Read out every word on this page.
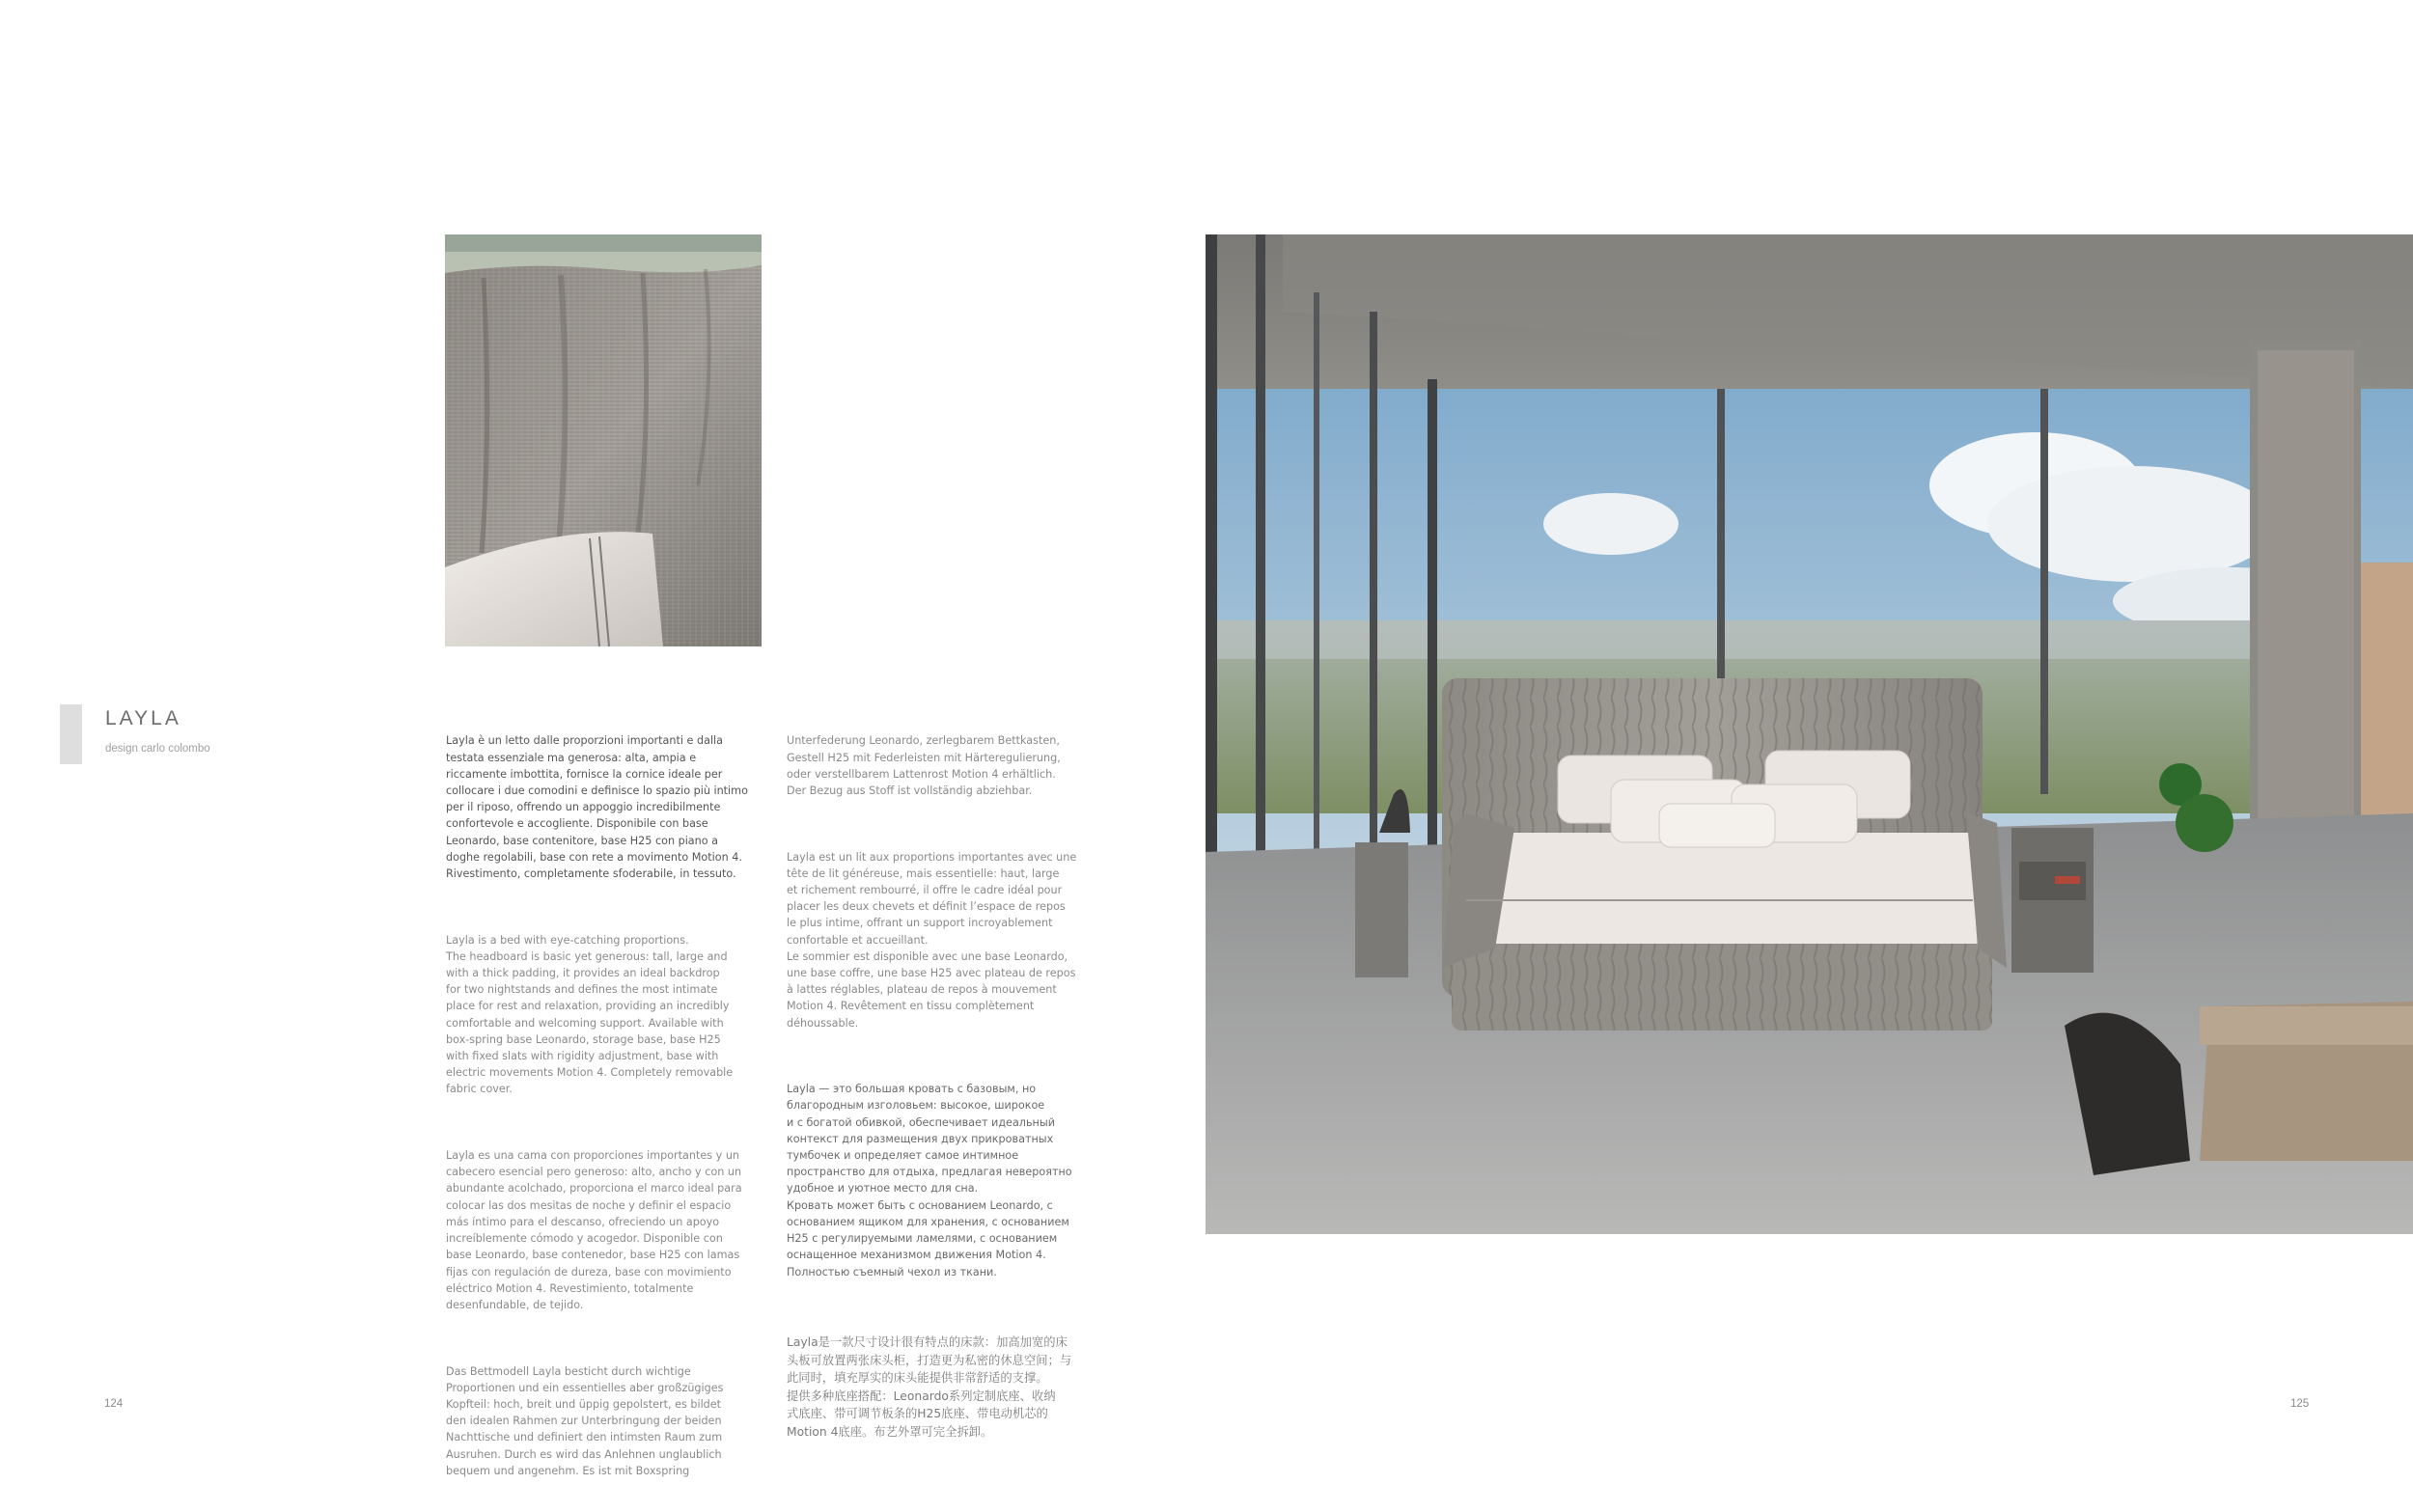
LAYLA
design carlo colombo

Layla è un letto dalle proporzioni importanti e dalla
testata essenziale ma generosa: alta, ampia e
riccamente imbottita, fornisce la cornice ideale per
collocare i due comodini e definisce lo spazio più intimo
per il riposo, offrendo un appoggio incredibilmente
confortevole e accogliente. Disponibile con base
Leonardo, base contenitore, base H25 con piano a
doghe regolabili, base con rete a movimento Motion 4.
Rivestimento, completamente sfoderabile, in tessuto.

Layla is a bed with eye-catching proportions.
The headboard is basic yet generous: tall, large and
with a thick padding, it provides an ideal backdrop
for two nightstands and defines the most intimate
place for rest and relaxation, providing an incredibly
comfortable and welcoming support. Available with
box-spring base Leonardo, storage base, base H25
with fixed slats with rigidity adjustment, base with
electric movements Motion 4. Completely removable
fabric cover.

Layla es una cama con proporciones importantes y un
cabecero esencial pero generoso: alto, ancho y con un
abundante acolchado, proporciona el marco ideal para
colocar las dos mesitas de noche y definir el espacio
más íntimo para el descanso, ofreciendo un apoyo
increíblemente cómodo y acogedor. Disponible con
base Leonardo, base contenedor, base H25 con lamas
fijas con regulación de dureza, base con movimiento
eléctrico Motion 4. Revestimiento, totalmente
desenfundable, de tejido.

Das Bettmodell Layla besticht durch wichtige
Proportionen und ein essentielles aber großzügiges
Kopfteil: hoch, breit und üppig gepolstert, es bildet
den idealen Rahmen zur Unterbringung der beiden
Nachttische und definiert den intimsten Raum zum
Ausruhen. Durch es wird das Anlehnen unglaublich
bequem und angenehm. Es ist mit Boxspring

Unterfederung Leonardo, zerlegbarem Bettkasten,
Gestell H25 mit Federleisten mit Härteregulierung,
oder verstellbarem Lattenrost Motion 4 erhältlich.
Der Bezug aus Stoff ist vollständig abziehbar.

Layla est un lit aux proportions importantes avec une
tête de lit généreuse, mais essentielle: haut, large
et richement rembourré, il offre le cadre idéal pour
placer les deux chevets et définit l’espace de repos
le plus intime, offrant un support incroyablement
confortable et accueillant.
Le sommier est disponible avec une base Leonardo,
une base coffre, une base H25 avec plateau de repos
à lattes réglables, plateau de repos à mouvement
Motion 4. Revêtement en tissu complètement
déhoussable.

Layla — это большая кровать с базовым, но
благородным изголовьем: высокое, широкое
и с богатой обивкой, обеспечивает идеальный
контекст для размещения двух прикроватных
тумбочек и определяет самое интимное
пространство для отдыха, предлагая невероятно
удобное и уютное место для сна.
Кровать может быть с основанием Leonardo, с
основанием ящиком для хранения, с основанием
H25 с регулируемыми ламелями, с основанием
оснащенное механизмом движения Motion 4.
Полностью съемный чехол из ткани.

Layla是一款尺寸设计很有特点的床款：加高加宽的床
头板可放置两张床头柜，打造更为私密的休息空间；与
此同时，填充厚实的床头能提供非常舒适的支撑。
提供多种底座搭配：Leonardo系列定制底座、收纳
式底座、带可调节板条的H25底座、带电动机芯的
Motion 4底座。布艺外罩可完全拆卸。

124	125
